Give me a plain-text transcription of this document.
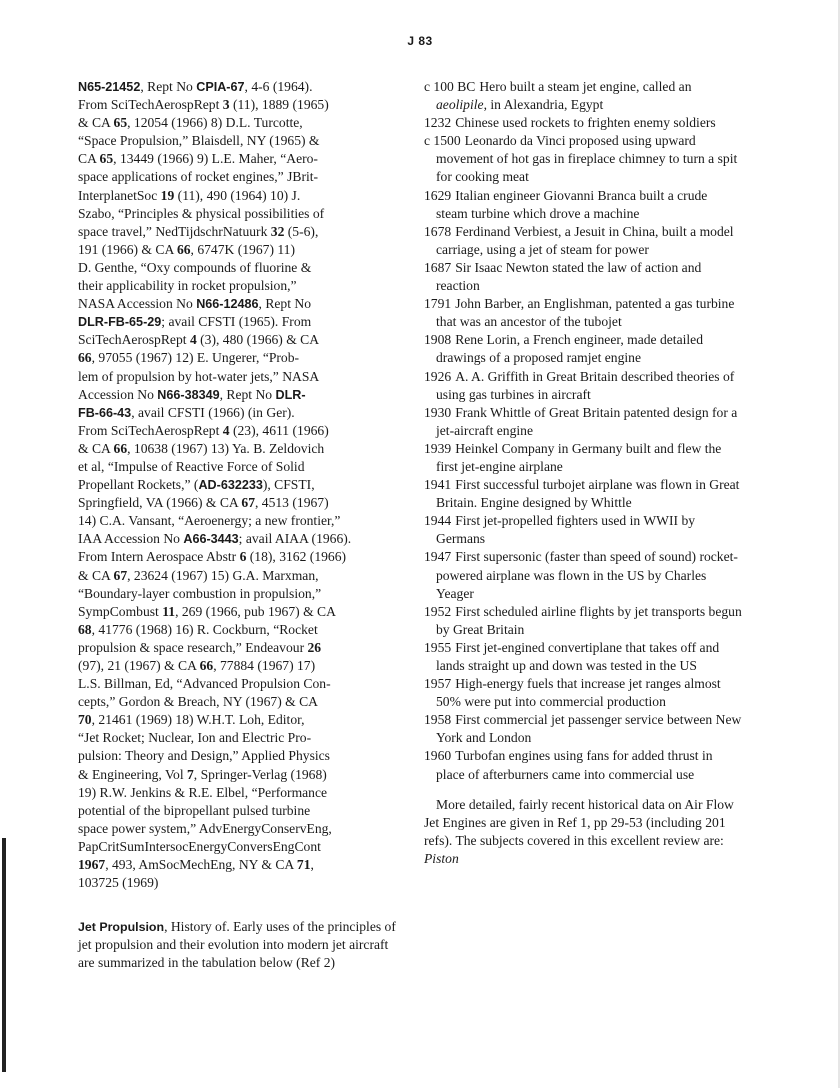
J 83

N65-21452, Rept No CPIA-67, 4-6 (1964).

From SciTechAerospRept 3 (11), 1889 (1965)

& CA 65, 12054 (1966) 8) D.L. Turcotte,

“Space Propulsion,” Blaisdell, NY (1965) &

CA 65, 13449 (1966) 9) L.E. Maher, “Aero-

space applications of rocket engines,” JBrit-

InterplanetSoc 19 (11), 490 (1964) 10) J.

Szabo, “Principles & physical possibilities of

space travel,” NedTijdschrNatuurk 32 (5-6),

191 (1966) & CA 66, 6747K (1967) 11)

D. Genthe, “Oxy compounds of fluorine &

their applicability in rocket propulsion,”

NASA Accession No N66-12486, Rept No

DLR-FB-65-29; avail CFSTI (1965). From

SciTechAerospRept 4 (3), 480 (1966) & CA

66, 97055 (1967) 12) E. Ungerer, “Prob-

lem of propulsion by hot-water jets,” NASA

Accession No N66-38349, Rept No DLR-

FB-66-43, avail CFSTI (1966) (in Ger).

From SciTechAerospRept 4 (23), 4611 (1966)

& CA 66, 10638 (1967) 13) Ya. B. Zeldovich

et al, “Impulse of Reactive Force of Solid

Propellant Rockets,” (AD-632233), CFSTI,

Springfield, VA (1966) & CA 67, 4513 (1967)

14) C.A. Vansant, “Aeroenergy; a new frontier,”

IAA Accession No A66-3443; avail AIAA (1966).

From Intern Aerospace Abstr 6 (18), 3162 (1966)

& CA 67, 23624 (1967) 15) G.A. Marxman,

“Boundary-layer combustion in propulsion,”

SympCombust 11, 269 (1966, pub 1967) & CA

68, 41776 (1968) 16) R. Cockburn, “Rocket

propulsion & space research,” Endeavour 26

(97), 21 (1967) & CA 66, 77884 (1967) 17)

L.S. Billman, Ed, “Advanced Propulsion Con-

cepts,” Gordon & Breach, NY (1967) & CA

70, 21461 (1969) 18) W.H.T. Loh, Editor,

“Jet Rocket; Nuclear, Ion and Electric Pro-

pulsion: Theory and Design,” Applied Physics

& Engineering, Vol 7, Springer-Verlag (1968)

19) R.W. Jenkins & R.E. Elbel, “Performance

potential of the bipropellant pulsed turbine

space power system,” AdvEnergyConservEng,

PapCritSumIntersocEnergyConversEngCont

1967, 493, AmSocMechEng, NY & CA 71,

103725 (1969)

Jet Propulsion, History of. Early uses of the principles of jet propulsion and their evolution into modern jet aircraft are summarized in the tabulation below (Ref 2)

c 100 BC Hero built a steam jet engine, called an aeolipile, in Alexandria, Egypt

1232 Chinese used rockets to frighten enemy soldiers

c 1500 Leonardo da Vinci proposed using upward movement of hot gas in fireplace chimney to turn a spit for cooking meat

1629 Italian engineer Giovanni Branca built a crude steam turbine which drove a machine

1678 Ferdinand Verbiest, a Jesuit in China, built a model carriage, using a jet of steam for power

1687 Sir Isaac Newton stated the law of action and reaction

1791 John Barber, an Englishman, patented a gas turbine that was an ancestor of the tubojet

1908 Rene Lorin, a French engineer, made detailed drawings of a proposed ramjet engine

1926 A. A. Griffith in Great Britain described theories of using gas turbines in aircraft

1930 Frank Whittle of Great Britain patented design for a jet-aircraft engine

1939 Heinkel Company in Germany built and flew the first jet-engine airplane

1941 First successful turbojet airplane was flown in Great Britain. Engine designed by Whittle

1944 First jet-propelled fighters used in WWII by Germans

1947 First supersonic (faster than speed of sound) rocket-powered airplane was flown in the US by Charles Yeager

1952 First scheduled airline flights by jet transports begun by Great Britain

1955 First jet-engined convertiplane that takes off and lands straight up and down was tested in the US

1957 High-energy fuels that increase jet ranges almost 50% were put into commercial production

1958 First commercial jet passenger service between New York and London

1960 Turbofan engines using fans for added thrust in place of afterburners came into commercial use

More detailed, fairly recent historical data on Air Flow Jet Engines are given in Ref 1, pp 29-53 (including 201 refs). The subjects covered in this excellent review are: Piston
